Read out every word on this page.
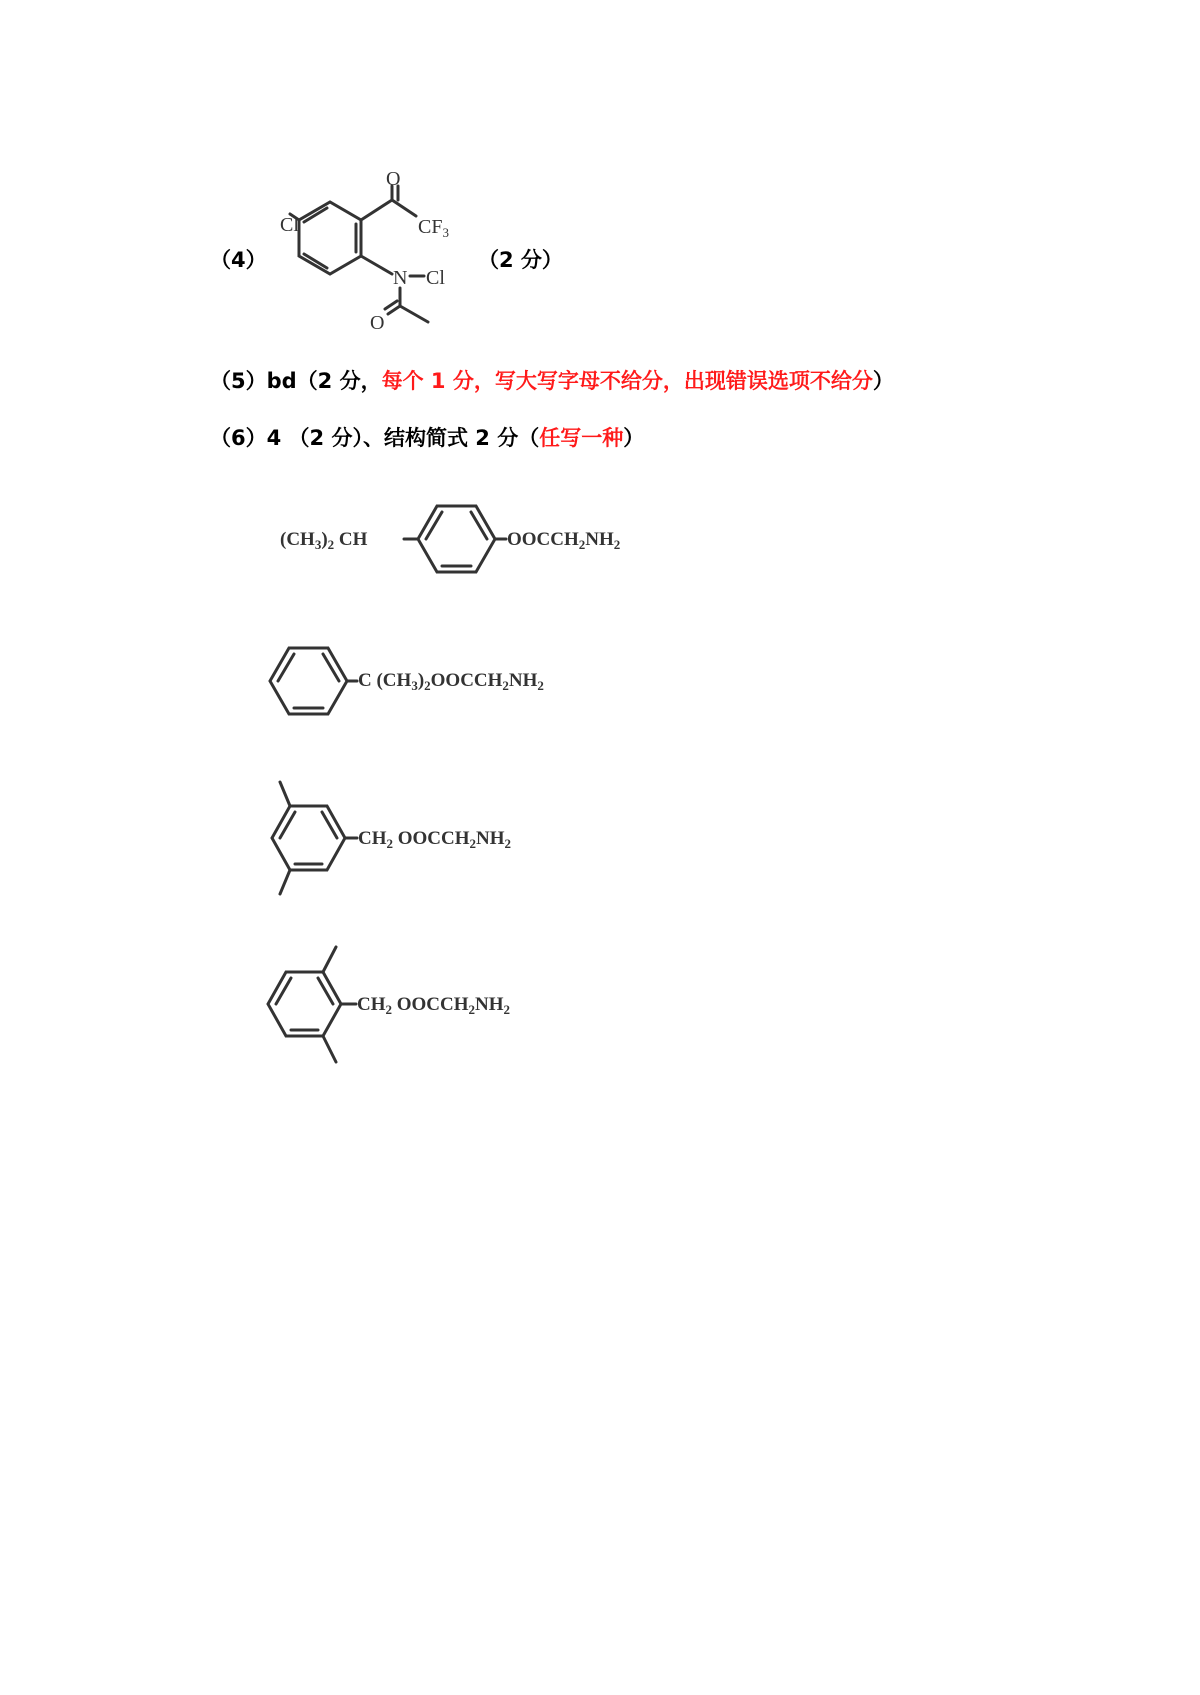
（4）	（2 分）
Cl
O
$CF_3$
N Cl
O
（5）bd（2 分，每个 1 分，写大写字母不给分，出现错误选项不给分）
（6）4 （2 分）、结构简式 2 分（任写一种）
$(CH_3)_2$ CH	$OOCCH_2NH_2$
C $(CH_3)_2OOCCH_2NH_2$
$CH_2$ $OOCCH_2NH_2$
$CH_2$ $OOCCH_2NH_2$
